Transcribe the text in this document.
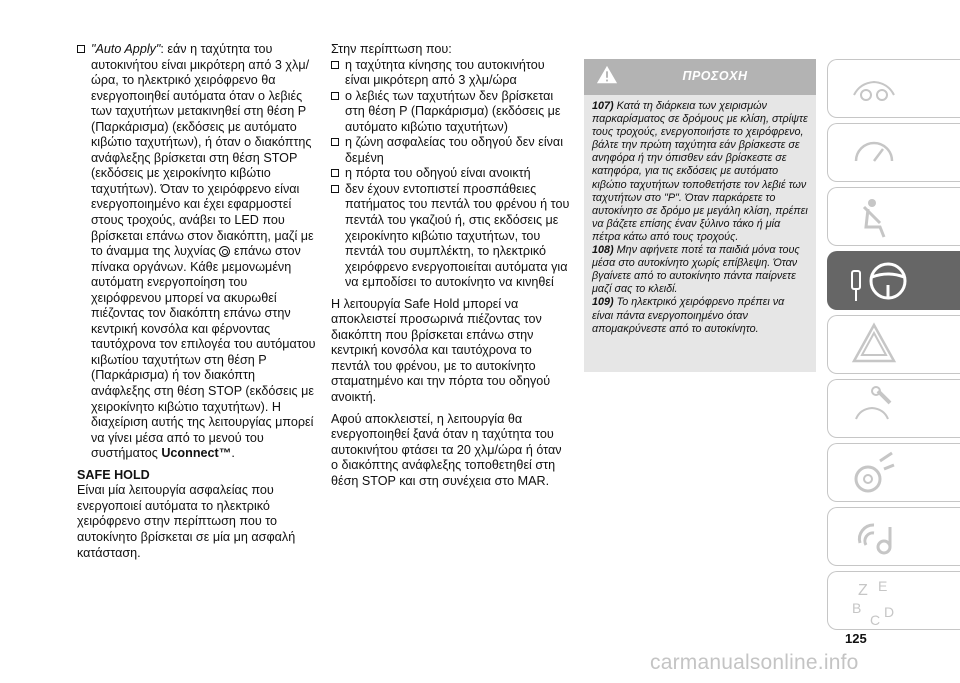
"Auto Apply": εάν η ταχύτητα του αυτοκινήτου είναι μικρότερη από 3 χλμ/ώρα, το ηλεκτρικό χειρόφρενο θα ενεργοποιηθεί αυτόματα όταν ο λεβιές των ταχυτήτων μετακινηθεί στη θέση P (Παρκάρισμα) (εκδόσεις με αυτόματο κιβώτιο ταχυτήτων), ή όταν ο διακόπτης ανάφλεξης βρίσκεται στη θέση STOP (εκδόσεις με χειροκίνητο κιβώτιο ταχυτήτων). Όταν το χειρόφρενο είναι ενεργοποιημένο και έχει εφαρμοστεί στους τροχούς, ανάβει το LED που βρίσκεται επάνω στον διακόπτη, μαζί με το άναμμα της λυχνίας επάνω στον πίνακα οργάνων. Κάθε μεμονωμένη αυτόματη ενεργοποίηση του χειρόφρενου μπορεί να ακυρωθεί πιέζοντας τον διακόπτη επάνω στην κεντρική κονσόλα και φέρνοντας ταυτόχρονα τον επιλογέα του αυτόματου κιβωτίου ταχυτήτων στη θέση P (Παρκάρισμα) ή τον διακόπτη ανάφλεξης στη θέση STOP (εκδόσεις με χειροκίνητο κιβώτιο ταχυτήτων). Η διαχείριση αυτής της λειτουργίας μπορεί να γίνει μέσα από το μενού του συστήματος Uconnect™.

SAFE HOLD

Είναι μία λειτουργία ασφαλείας που ενεργοποιεί αυτόματα το ηλεκτρικό χειρόφρενο στην περίπτωση που το αυτοκίνητο βρίσκεται σε μία μη ασφαλή κατάσταση.

Στην περίπτωση που:

η ταχύτητα κίνησης του αυτοκινήτου είναι μικρότερη από 3 χλμ/ώρα

ο λεβιές των ταχυτήτων δεν βρίσκεται στη θέση P (Παρκάρισμα) (εκδόσεις με αυτόματο κιβώτιο ταχυτήτων)

η ζώνη ασφαλείας του οδηγού δεν είναι δεμένη

η πόρτα του οδηγού είναι ανοικτή

δεν έχουν εντοπιστεί προσπάθειες πατήματος του πεντάλ του φρένου ή του πεντάλ του γκαζιού ή, στις εκδόσεις με χειροκίνητο κιβώτιο ταχυτήτων, του πεντάλ του συμπλέκτη, το ηλεκτρικό χειρόφρενο ενεργοποιείται αυτόματα για να εμποδίσει το αυτοκίνητο να κινηθεί

Η λειτουργία Safe Hold μπορεί να αποκλειστεί προσωρινά πιέζοντας τον διακόπτη που βρίσκεται επάνω στην κεντρική κονσόλα και ταυτόχρονα το πεντάλ του φρένου, με το αυτοκίνητο σταματημένο και την πόρτα του οδηγού ανοικτή.

Αφού αποκλειστεί, η λειτουργία θα ενεργοποιηθεί ξανά όταν η ταχύτητα του αυτοκινήτου φτάσει τα 20 χλμ/ώρα ή όταν ο διακόπτης ανάφλεξης τοποθετηθεί στη θέση STOP και στη συνέχεια στο MAR.

ΠΡΟΣΟΧΗ

107) Κατά τη διάρκεια των χειρισμών παρκαρίσματος σε δρόμους με κλίση, στρίψτε τους τροχούς, ενεργοποιήστε το χειρόφρενο, βάλτε την πρώτη ταχύτητα εάν βρίσκεστε σε ανηφόρα ή την όπισθεν εάν βρίσκεστε σε κατηφόρα, για τις εκδόσεις με αυτόματο κιβώτιο ταχυτήτων τοποθετήστε τον λεβιέ των ταχυτήτων στο "P". Όταν παρκάρετε το αυτοκίνητο σε δρόμο με μεγάλη κλίση, πρέπει να βάζετε επίσης έναν ξύλινο τάκο ή μία πέτρα κάτω από τους τροχούς.

108) Μην αφήνετε ποτέ τα παιδιά μόνα τους μέσα στο αυτοκίνητο χωρίς επίβλεψη. Όταν βγαίνετε από το αυτοκίνητο πάντα παίρνετε μαζί σας το κλειδί.

109) Το ηλεκτρικό χειρόφρενο πρέπει να είναι πάντα ενεργοποιημένο όταν απομακρύνεστε από το αυτοκίνητο.

Z E
B
C D
125
carmanualsonline.info
